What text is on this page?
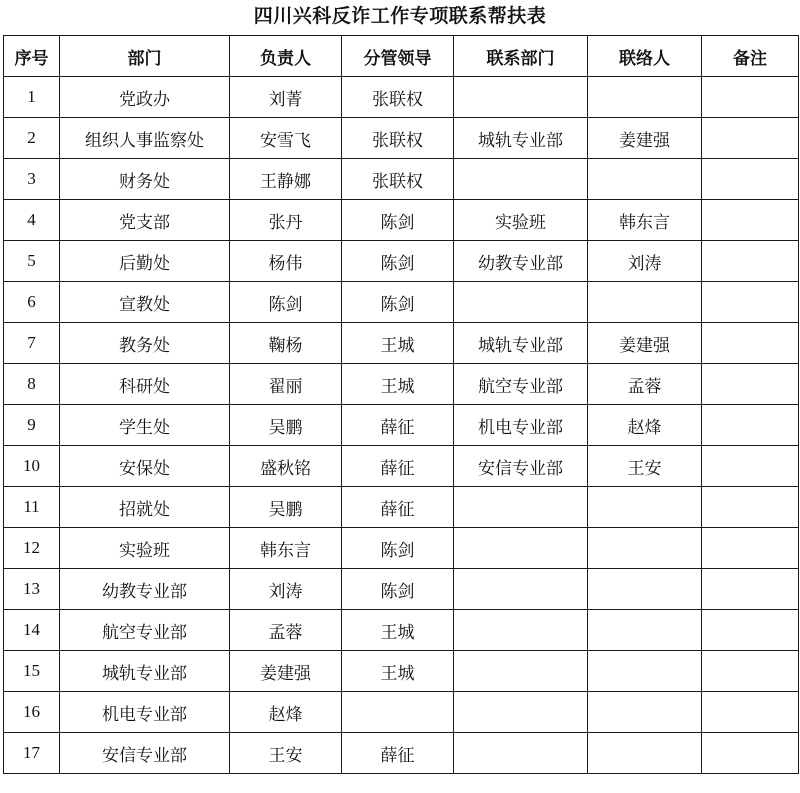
四川兴科反诈工作专项联系帮扶表
序号	部门	负责人	分管领导	联系部门	联络人	备注
1	党政办	刘菁	张联权			
2	组织人事监察处	安雪飞	张联权	城轨专业部	姜建强	
3	财务处	王静娜	张联权			
4	党支部	张丹	陈剑	实验班	韩东言	
5	后勤处	杨伟	陈剑	幼教专业部	刘涛	
6	宣教处	陈剑	陈剑			
7	教务处	鞠杨	王城	城轨专业部	姜建强	
8	科研处	翟丽	王城	航空专业部	孟蓉	
9	学生处	吴鹏	薛征	机电专业部	赵烽	
10	安保处	盛秋铭	薛征	安信专业部	王安	
11	招就处	吴鹏	薛征			
12	实验班	韩东言	陈剑			
13	幼教专业部	刘涛	陈剑			
14	航空专业部	孟蓉	王城			
15	城轨专业部	姜建强	王城			
16	机电专业部	赵烽				
17	安信专业部	王安	薛征			
